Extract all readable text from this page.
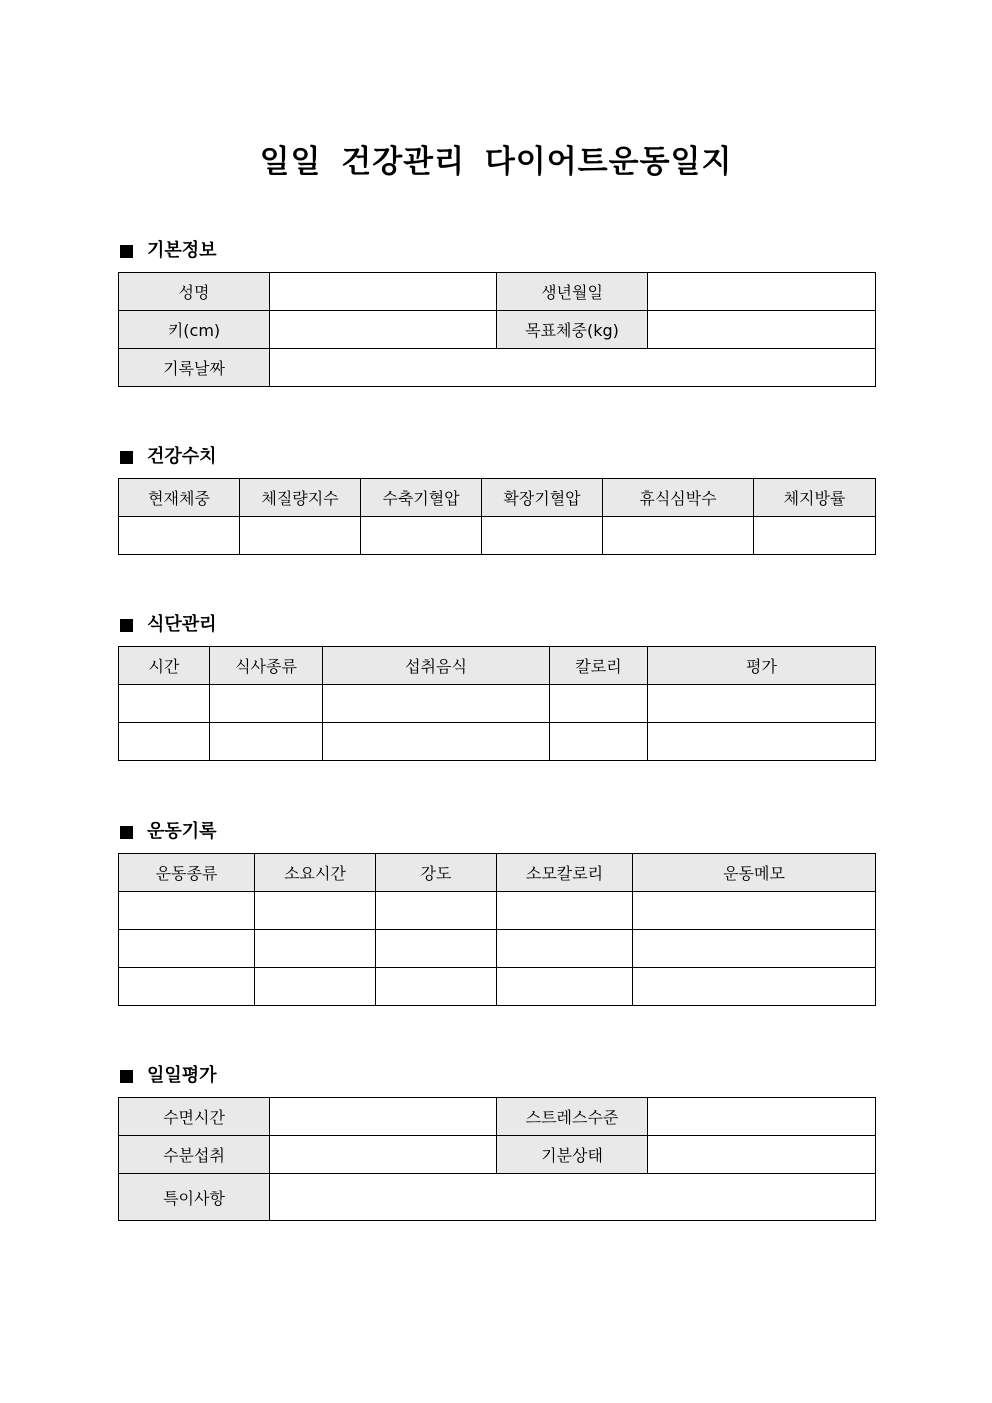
일일 건강관리 다이어트운동일지
기본정보
성명		생년월일	
키(cm)		목표체중(kg)	
기록날짜			
건강수치
현재체중	체질량지수	수축기혈압	확장기혈압	휴식심박수	체지방률

식단관리
시간	식사종류	섭취음식	칼로리	평가

운동기록
운동종류	소요시간	강도	소모칼로리	운동메모

일일평가
수면시간		스트레스수준	
수분섭취		기분상태	
특이사항			
